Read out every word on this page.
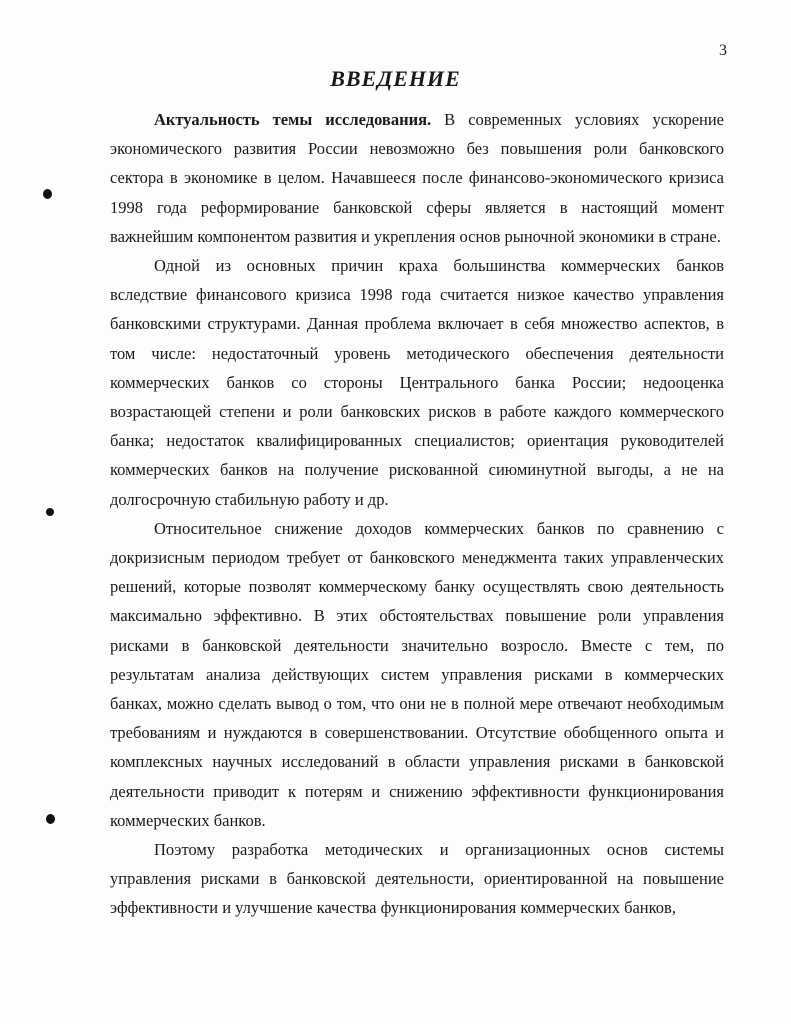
3
ВВЕДЕНИЕ

Актуальность темы исследования. В современных условиях ускорение экономического развития России невозможно без повышения роли банковского сектора в экономике в целом. Начавшееся после финансово-экономического кризиса 1998 года реформирование банковской сферы является в настоящий момент важнейшим компонентом развития и укрепления основ рыночной экономики в стране.

Одной из основных причин краха большинства коммерческих банков вследствие финансового кризиса 1998 года считается низкое качество управления банковскими структурами. Данная проблема включает в себя множество аспектов, в том числе: недостаточный уровень методического обеспечения деятельности коммерческих банков со стороны Центрального банка России; недооценка возрастающей степени и роли банковских рисков в работе каждого коммерческого банка; недостаток квалифицированных специалистов; ориентация руководителей коммерческих банков на получение рискованной сиюминутной выгоды, а не на долгосрочную стабильную работу и др.

Относительное снижение доходов коммерческих банков по сравнению с докризисным периодом требует от банковского менеджмента таких управленческих решений, которые позволят коммерческому банку осуществлять свою деятельность максимально эффективно. В этих обстоятельствах повышение роли управления рисками в банковской деятельности значительно возросло. Вместе с тем, по результатам анализа действующих систем управления рисками в коммерческих банках, можно сделать вывод о том, что они не в полной мере отвечают необходимым требованиям и нуждаются в совершенствовании. Отсутствие обобщенного опыта и комплексных научных исследований в области управления рисками в банковской деятельности приводит к потерям и снижению эффективности функционирования коммерческих банков.

Поэтому разработка методических и организационных основ системы управления рисками в банковской деятельности, ориентированной на повышение эффективности и улучшение качества функционирования коммерческих банков,
